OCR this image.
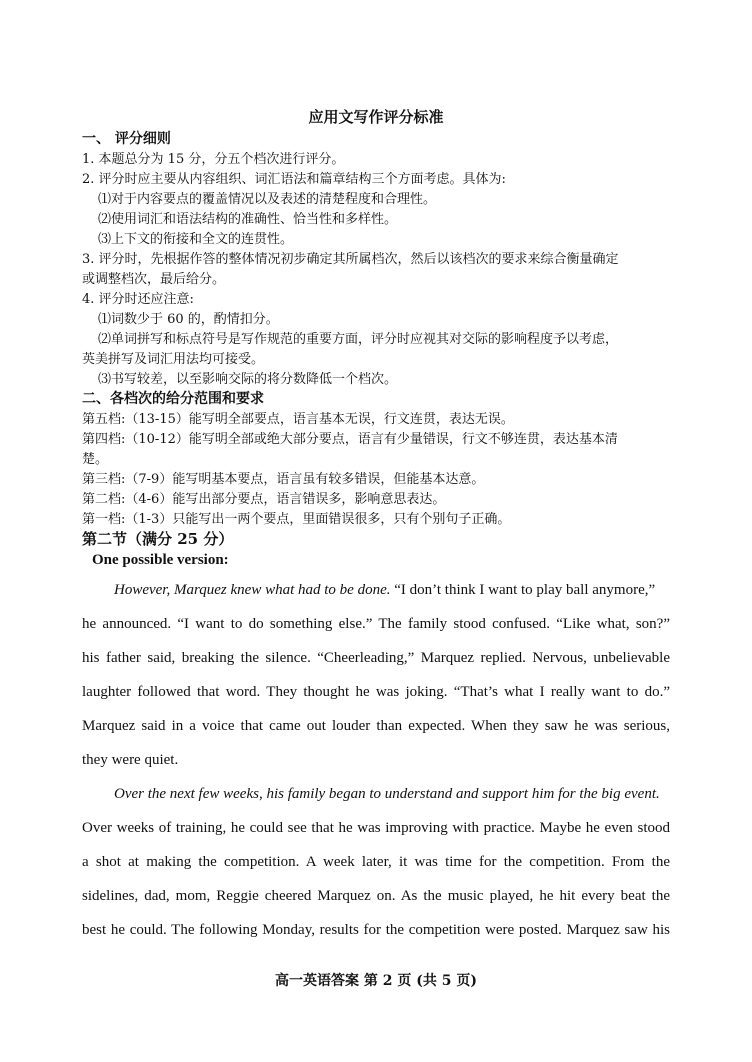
应用文写作评分标准
一、 评分细则
1. 本题总分为 15 分，分五个档次进行评分。
2. 评分时应主要从内容组织、词汇语法和篇章结构三个方面考虑。具体为:
⑴对于内容要点的覆盖情况以及表述的清楚程度和合理性。
⑵使用词汇和语法结构的准确性、恰当性和多样性。
⑶上下文的衔接和全文的连贯性。
3. 评分时，先根据作答的整体情况初步确定其所属档次，然后以该档次的要求来综合衡量确定
或调整档次，最后给分。
4. 评分时还应注意:
⑴词数少于 60 的，酌情扣分。
⑵单词拼写和标点符号是写作规范的重要方面，评分时应视其对交际的影响程度予以考虑，
英美拼写及词汇用法均可接受。
⑶书写较差，以至影响交际的将分数降低一个档次。
二、各档次的给分范围和要求
第五档:（13-15）能写明全部要点，语言基本无误，行文连贯，表达无误。
第四档:（10-12）能写明全部或绝大部分要点，语言有少量错误，行文不够连贯，表达基本清
楚。
第三档:（7-9）能写明基本要点，语言虽有较多错误，但能基本达意。
第二档:（4-6）能写出部分要点，语言错误多，影响意思表达。
第一档:（1-3）只能写出一两个要点，里面错误很多，只有个别句子正确。
第二节（满分 25 分）
One possible version:
However, Marquez knew what had to be done. “I don’t think I want to play ball anymore,”
he announced. “I want to do something else.” The family stood confused. “Like what, son?”
his father said, breaking the silence. “Cheerleading,” Marquez replied. Nervous, unbelievable
laughter followed that word. They thought he was joking. “That’s what I really want to do.”
Marquez said in a voice that came out louder than expected. When they saw he was serious,
they were quiet.
Over the next few weeks, his family began to understand and support him for the big event.
Over weeks of training, he could see that he was improving with practice. Maybe he even stood
a shot at making the competition. A week later, it was time for the competition. From the
sidelines, dad, mom, Reggie cheered Marquez on. As the music played, he hit every beat the
best he could. The following Monday, results for the competition were posted. Marquez saw his
高一英语答案 第 2 页 (共 5 页)
